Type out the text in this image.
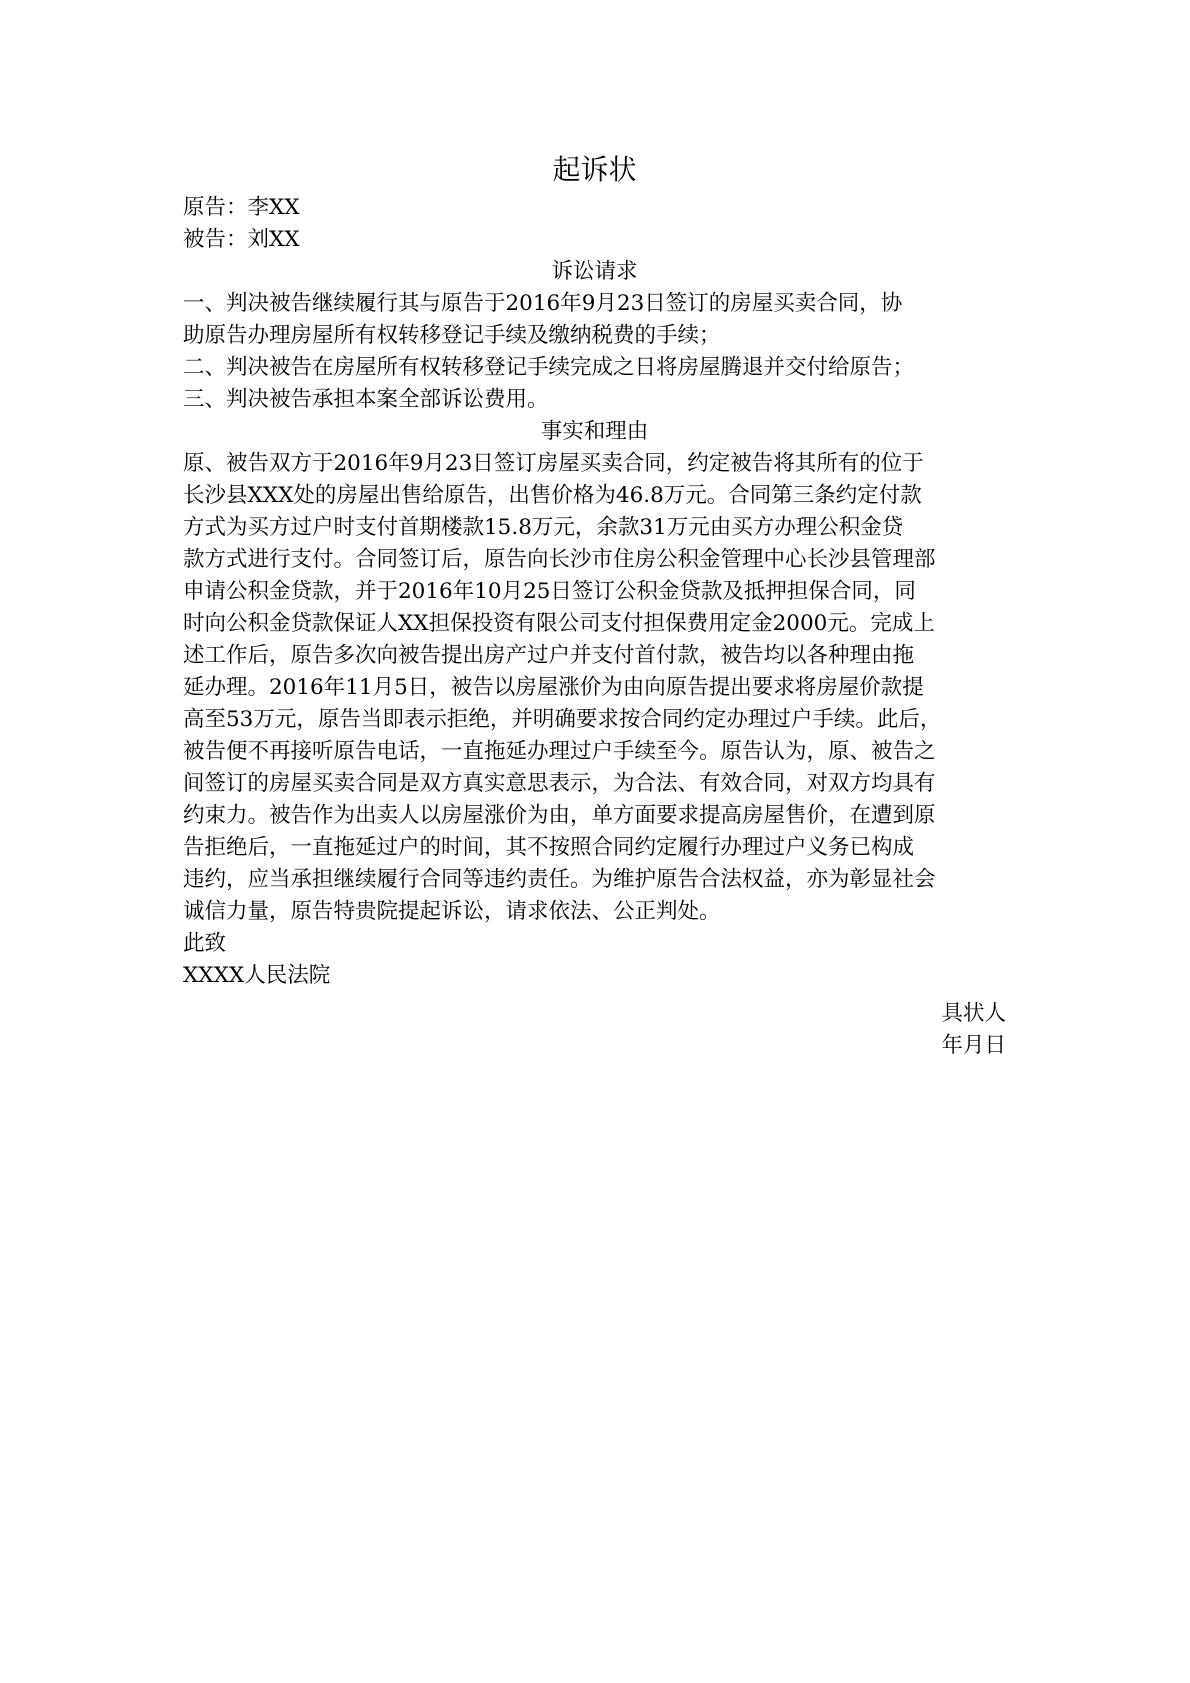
起诉状

原告：李XX

被告：刘XX

诉讼请求

一、判决被告继续履行其与原告于2016年9月23日签订的房屋买卖合同，协

助原告办理房屋所有权转移登记手续及缴纳税费的手续；

二、判决被告在房屋所有权转移登记手续完成之日将房屋腾退并交付给原告；

三、判决被告承担本案全部诉讼费用。

事实和理由

原、被告双方于2016年9月23日签订房屋买卖合同，约定被告将其所有的位于

长沙县XXX处的房屋出售给原告，出售价格为46.8万元。合同第三条约定付款

方式为买方过户时支付首期楼款15.8万元，余款31万元由买方办理公积金贷

款方式进行支付。合同签订后，原告向长沙市住房公积金管理中心长沙县管理部

申请公积金贷款，并于2016年10月25日签订公积金贷款及抵押担保合同，同

时向公积金贷款保证人XX担保投资有限公司支付担保费用定金2000元。完成上

述工作后，原告多次向被告提出房产过户并支付首付款，被告均以各种理由拖

延办理。2016年11月5日，被告以房屋涨价为由向原告提出要求将房屋价款提

高至53万元，原告当即表示拒绝，并明确要求按合同约定办理过户手续。此后，

被告便不再接听原告电话，一直拖延办理过户手续至今。原告认为，原、被告之

间签订的房屋买卖合同是双方真实意思表示，为合法、有效合同，对双方均具有

约束力。被告作为出卖人以房屋涨价为由，单方面要求提高房屋售价，在遭到原

告拒绝后，一直拖延过户的时间，其不按照合同约定履行办理过户义务已构成

违约，应当承担继续履行合同等违约责任。为维护原告合法权益，亦为彰显社会

诚信力量，原告特贵院提起诉讼，请求依法、公正判处。

此致

XXXX人民法院

具状人

年月日
